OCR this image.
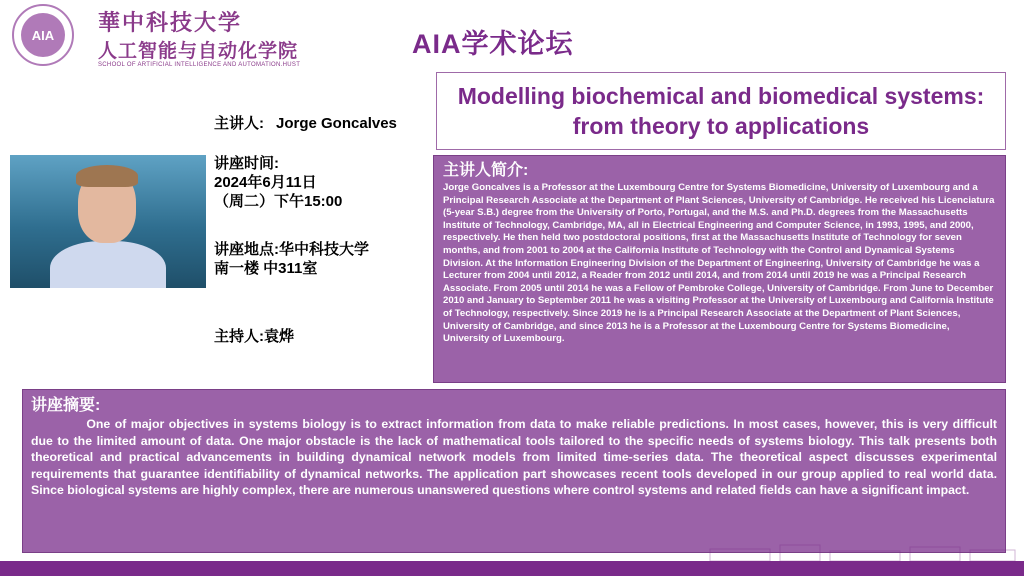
AIA	華中科技大学
人工智能与自动化学院
SCHOOL OF ARTIFICIAL INTELLIGENCE AND AUTOMATION.HUST
AIA学术论坛
Modelling biochemical and biomedical systems: from theory to applications
主讲人: Jorge Goncalves
讲座时间:
2024年6月11日
（周二）下午15:00
讲座地点:华中科技大学
南一楼 中311室
主持人:袁烨
主讲人简介:
Jorge Goncalves is a Professor at the Luxembourg Centre for Systems Biomedicine, University of Luxembourg and a Principal Research Associate at the Department of Plant Sciences, University of Cambridge. He received his Licenciatura (5-year S.B.) degree from the University of Porto, Portugal, and the M.S. and Ph.D. degrees from the Massachusetts Institute of Technology, Cambridge, MA, all in Electrical Engineering and Computer Science, in 1993, 1995, and 2000, respectively. He then held two postdoctoral positions, first at the Massachusetts Institute of Technology for seven months, and from 2001 to 2004 at the California Institute of Technology with the Control and Dynamical Systems Division. At the Information Engineering Division of the Department of Engineering, University of Cambridge he was a Lecturer from 2004 until 2012, a Reader from 2012 until 2014, and from 2014 until 2019 he was a Principal Research Associate. From 2005 until 2014 he was a Fellow of Pembroke College, University of Cambridge. From June to December 2010 and January to September 2011 he was a visiting Professor at the University of Luxembourg and California Institute of Technology, respectively. Since 2019 he is a Principal Research Associate at the Department of Plant Sciences, University of Cambridge, and since 2013 he is a Professor at the Luxembourg Centre for Systems Biomedicine, University of Luxembourg.
讲座摘要:
One of major objectives in systems biology is to extract information from data to make reliable predictions. In most cases, however, this is very difficult due to the limited amount of data. One major obstacle is the lack of mathematical tools tailored to the specific needs of systems biology. This talk presents both theoretical and practical advancements in building dynamical network models from limited time-series data. The theoretical aspect discusses experimental requirements that guarantee identifiability of dynamical networks. The application part showcases recent tools developed in our group applied to real world data. Since biological systems are highly complex, there are numerous unanswered questions where control systems and related fields can have a significant impact.
